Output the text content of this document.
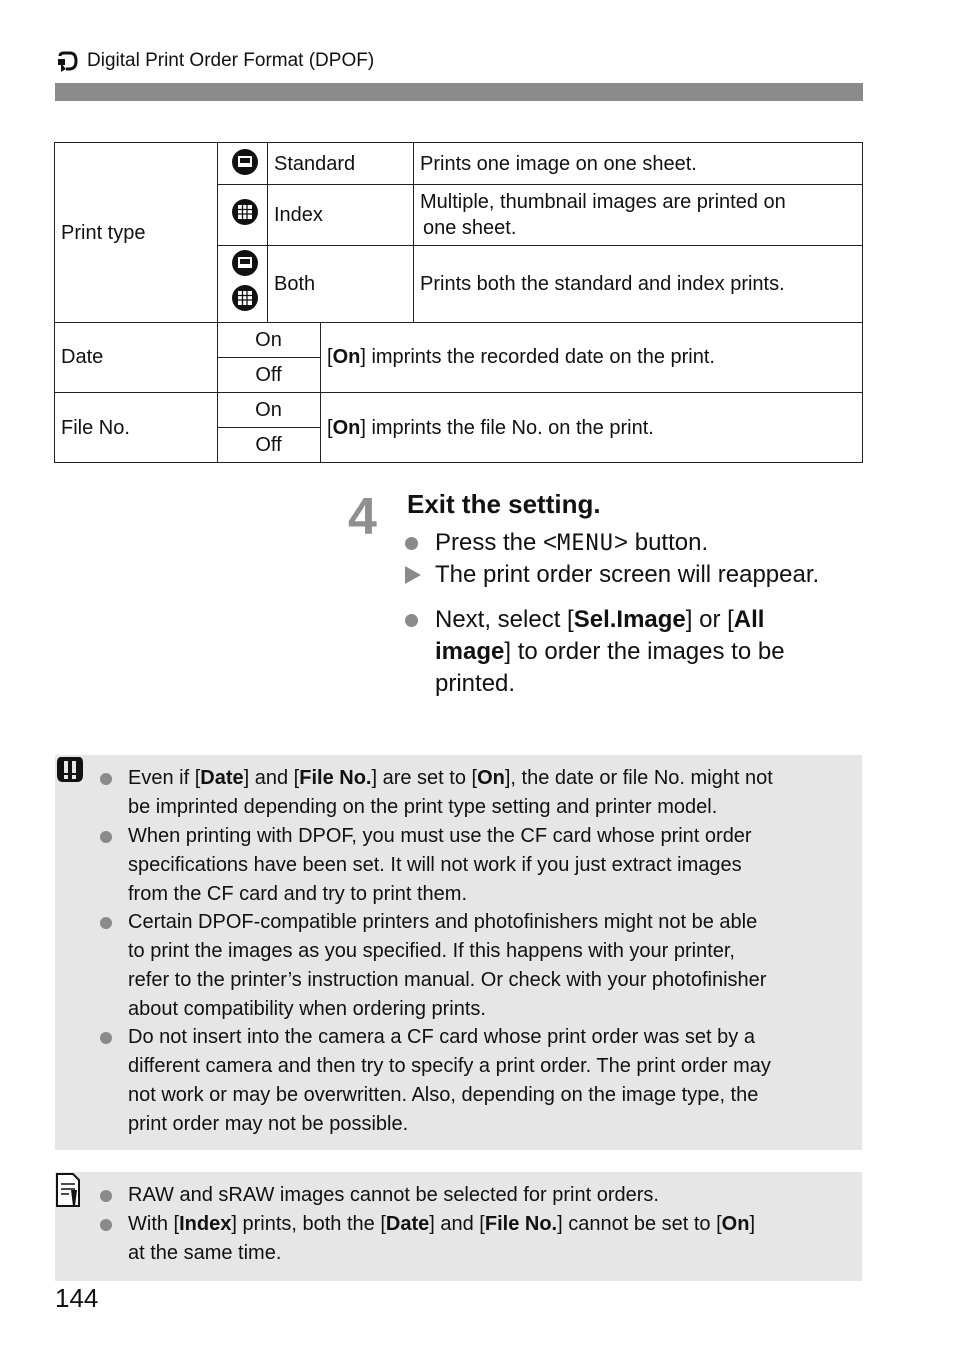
Digital Print Order Format (DPOF)
Print type
Standard
Index
Both
Prints one image on one sheet.
Multiple, thumbnail images are printed on
one sheet.
Prints both the standard and index prints.
Date
On
Off
[On] imprints the recorded date on the print.
File No.
On
Off
[On] imprints the file No. on the print.
4 Exit the setting.
Press the <MENU> button.
The print order screen will reappear.
Next, select [Sel.Image] or [All
image] to order the images to be
printed.
Even if [Date] and [File No.] are set to [On], the date or file No. might not
be imprinted depending on the print type setting and printer model.
When printing with DPOF, you must use the CF card whose print order
specifications have been set. It will not work if you just extract images
from the CF card and try to print them.
Certain DPOF-compatible printers and photofinishers might not be able
to print the images as you specified. If this happens with your printer,
refer to the printer’s instruction manual. Or check with your photofinisher
about compatibility when ordering prints.
Do not insert into the camera a CF card whose print order was set by a
different camera and then try to specify a print order. The print order may
not work or may be overwritten. Also, depending on the image type, the
print order may not be possible.
RAW and sRAW images cannot be selected for print orders.
With [Index] prints, both the [Date] and [File No.] cannot be set to [On]
at the same time.
144
